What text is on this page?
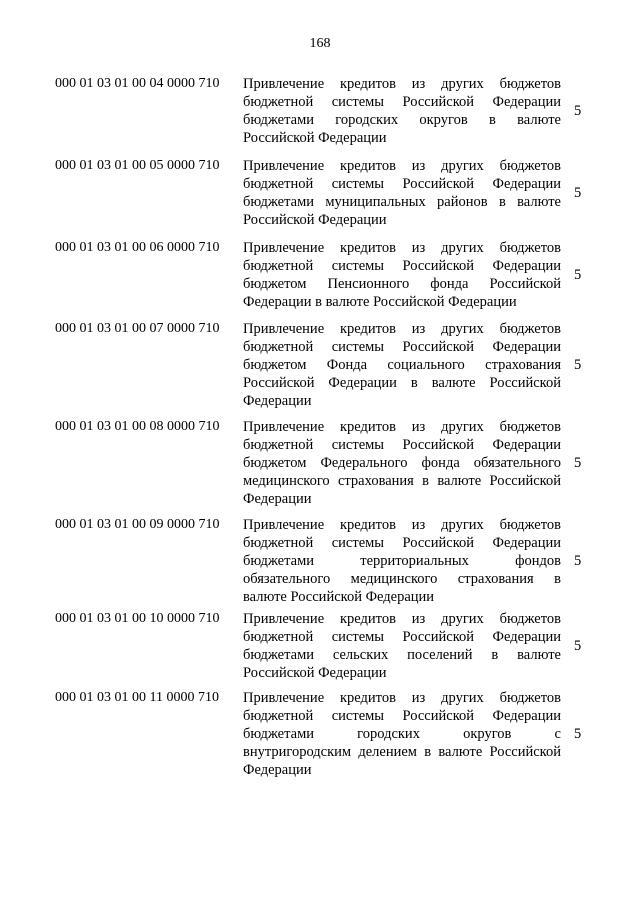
168
000 01 03 01 00 04 0000 710	Привлечение кредитов из других бюджетов
бюджетной системы Российской Федерации
бюджетами городских округов в валюте
Российской Федерации
5
000 01 03 01 00 05 0000 710	Привлечение кредитов из других бюджетов
бюджетной системы Российской Федерации
бюджетами муниципальных районов в валюте
Российской Федерации
5
000 01 03 01 00 06 0000 710	Привлечение кредитов из других бюджетов
бюджетной системы Российской Федерации
бюджетом Пенсионного фонда Российской
Федерации в валюте Российской Федерации
5
000 01 03 01 00 07 0000 710	Привлечение кредитов из других бюджетов
бюджетной системы Российской Федерации
бюджетом Фонда социального страхования
Российской Федерации в валюте Российской
Федерации
5
000 01 03 01 00 08 0000 710	Привлечение кредитов из других бюджетов
бюджетной системы Российской Федерации
бюджетом Федерального фонда обязательного
медицинского страхования в валюте Российской
Федерации
5
000 01 03 01 00 09 0000 710	Привлечение кредитов из других бюджетов
бюджетной системы Российской Федерации
бюджетами территориальных фондов
обязательного медицинского страхования в
валюте Российской Федерации
5
000 01 03 01 00 10 0000 710	Привлечение кредитов из других бюджетов
бюджетной системы Российской Федерации
бюджетами сельских поселений в валюте
Российской Федерации
5
000 01 03 01 00 11 0000 710	Привлечение кредитов из других бюджетов
бюджетной системы Российской Федерации
бюджетами городских округов с
внутригородским делением в валюте Российской
Федерации
5
